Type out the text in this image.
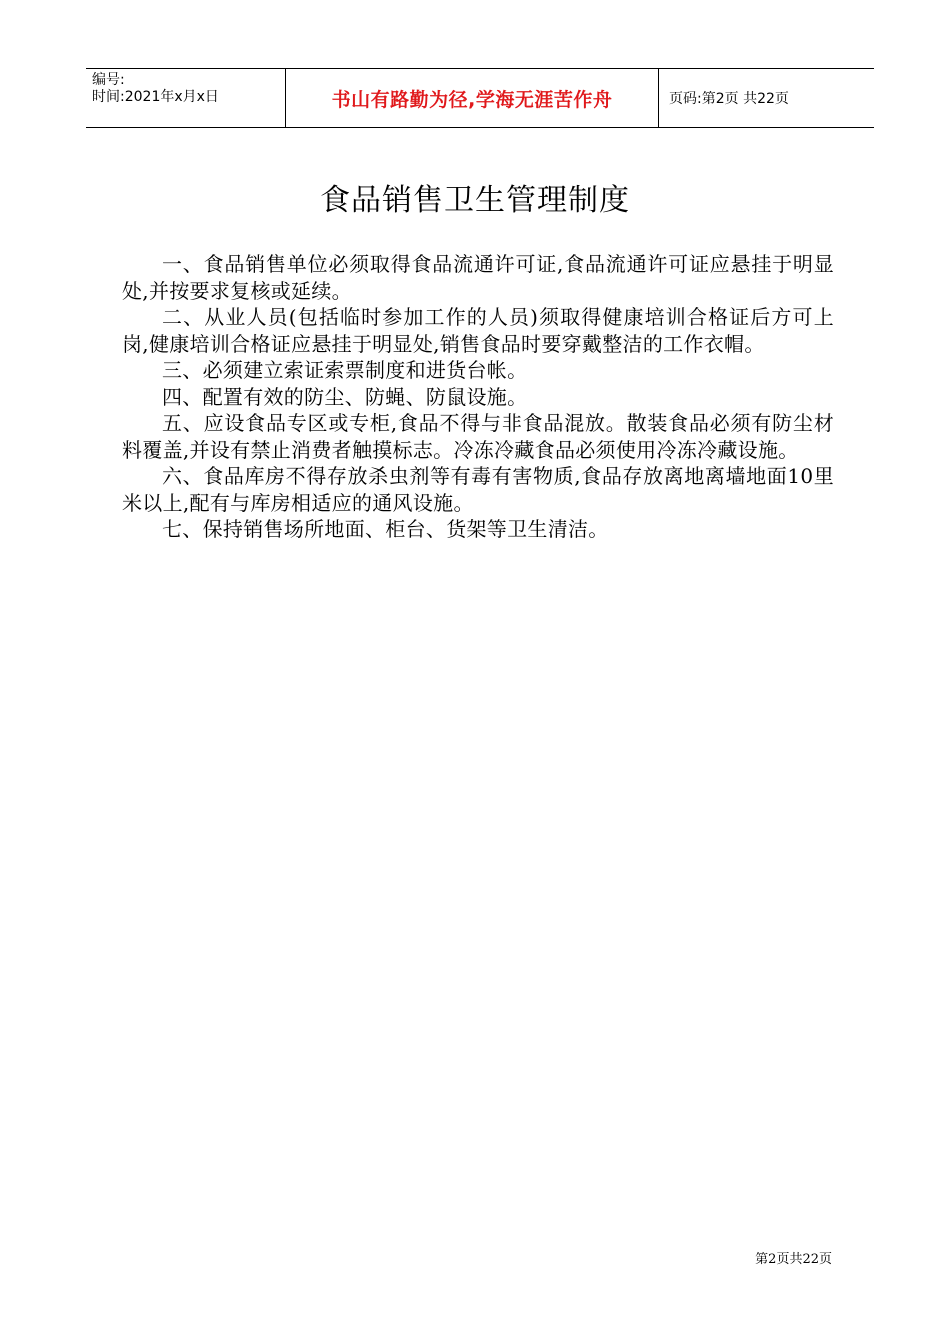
编号:
时间:2021年x月x日	书山有路勤为径,学海无涯苦作舟	页码:第2页 共22页
食品销售卫生管理制度

一、食品销售单位必须取得食品流通许可证,食品流通许可证应悬挂于明显处,并按要求复核或延续。

二、从业人员(包括临时参加工作的人员)须取得健康培训合格证后方可上岗,健康培训合格证应悬挂于明显处,销售食品时要穿戴整洁的工作衣帽。

三、必须建立索证索票制度和进货台帐。

四、配置有效的防尘、防蝇、防鼠设施。

五、应设食品专区或专柜,食品不得与非食品混放。散装食品必须有防尘材料覆盖,并设有禁止消费者触摸标志。冷冻冷藏食品必须使用冷冻冷藏设施。

六、食品库房不得存放杀虫剂等有毒有害物质,食品存放离地离墙地面10里米以上,配有与库房相适应的通风设施。

七、保持销售场所地面、柜台、货架等卫生清洁。

第2页共22页
